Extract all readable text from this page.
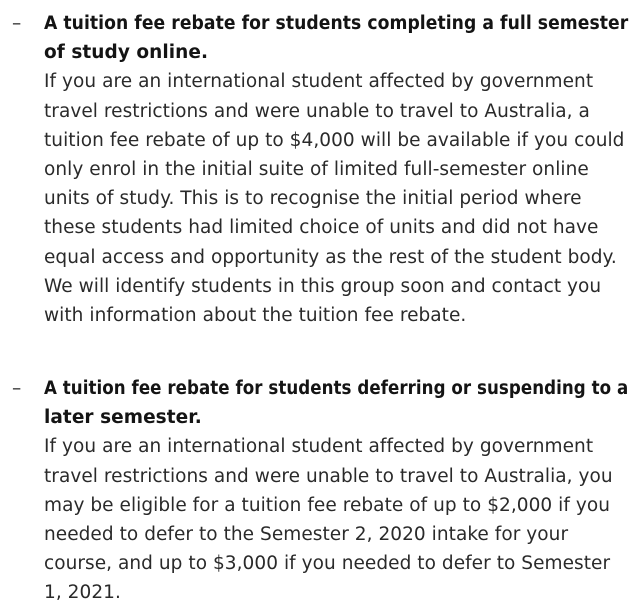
– A tuition fee rebate for students completing a full semester
of study online.
If you are an international student affected by government
travel restrictions and were unable to travel to Australia, a
tuition fee rebate of up to $4,000 will be available if you could
only enrol in the initial suite of limited full-semester online
units of study. This is to recognise the initial period where
these students had limited choice of units and did not have
equal access and opportunity as the rest of the student body.
We will identify students in this group soon and contact you
with information about the tuition fee rebate.
– A tuition fee rebate for students deferring or suspending to a
later semester.
If you are an international student affected by government
travel restrictions and were unable to travel to Australia, you
may be eligible for a tuition fee rebate of up to $2,000 if you
needed to defer to the Semester 2, 2020 intake for your
course, and up to $3,000 if you needed to defer to Semester
1, 2021.
